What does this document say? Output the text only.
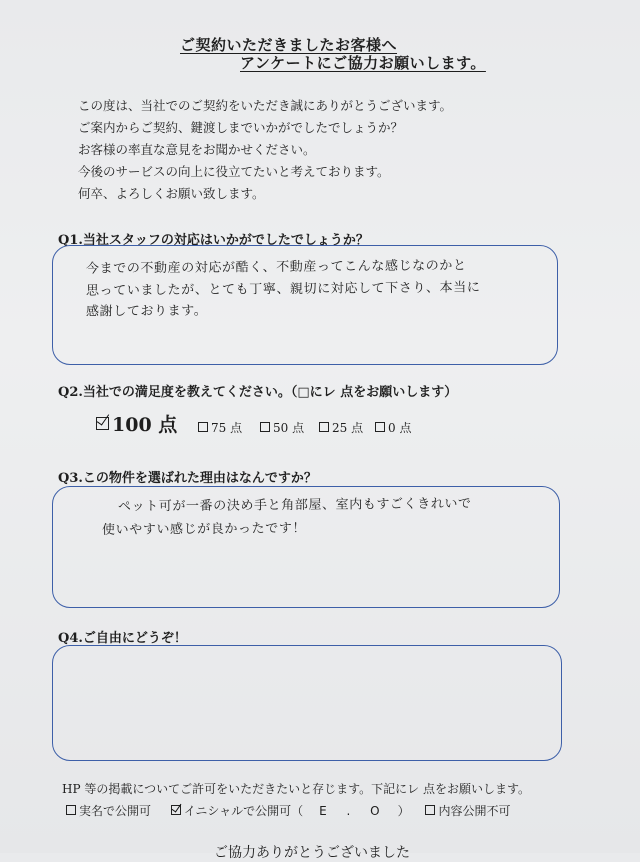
ご契約いただきましたお客様へ
アンケートにご協力お願いします。
この度は、当社でのご契約をいただき誠にありがとうございます。
ご案内からご契約、鍵渡しまでいかがでしたでしょうか？
お客様の率直な意見をお聞かせください。
今後のサービスの向上に役立てたいと考えております。
何卒、よろしくお願い致します。
Q1.当社スタッフの対応はいかがでしたでしょうか？
今までの不動産の対応が酷く、不動産ってこんな感じなのかと
思っていましたが、とても丁寧、親切に対応して下さり、本当に
感謝しております。
Q2.当社での満足度を教えてください。（□にレ 点をお願いします）
100 点	75 点	50 点	25 点	0 点
Q3.この物件を選ばれた理由はなんですか？
ペット可が一番の決め手と角部屋、室内もすごくきれいで
使いやすい感じが良かったです！
Q4.ご自由にどうぞ！
HP 等の掲載についてご許可をいただきたいと存じます。下記にレ 点をお願いします。
実名で公開可	イニシャルで公開可（ E . O ） 内容公開不可
ご協力ありがとうございました
